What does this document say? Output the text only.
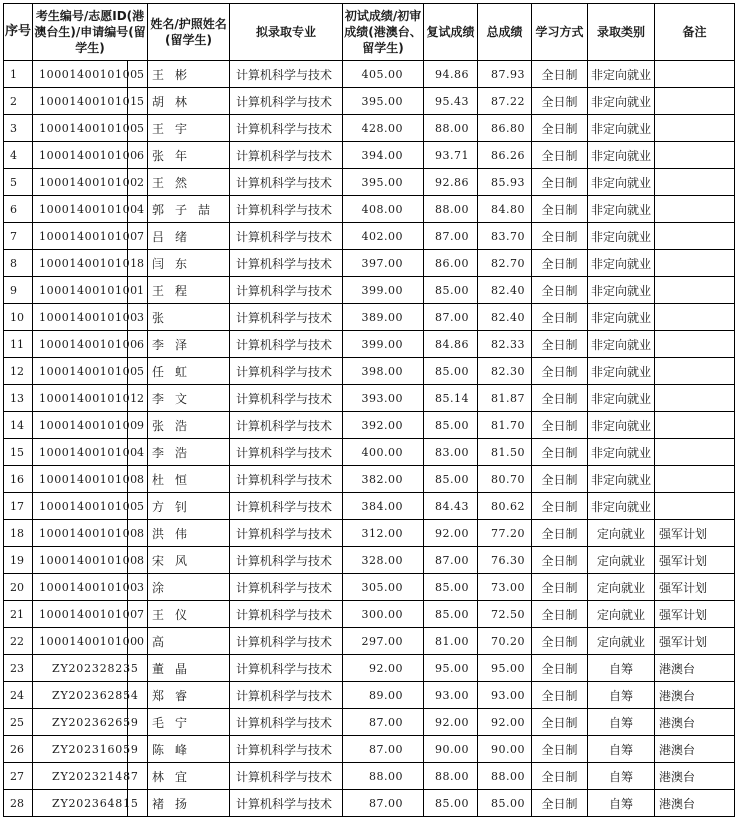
序号	考生编号/志愿ID(港澳台生)/申请编号(留学生)		姓名/护照姓名(留学生)	拟录取专业	初试成绩/初审成绩(港澳台、留学生)	复试成绩	总成绩	学习方式	录取类别	备注
1	1000140010100	5	王彬	计算机科学与技术	405.00	94.86	87.93	全日制	非定向就业	
2	1000140010101	5	胡林	计算机科学与技术	395.00	95.43	87.22	全日制	非定向就业	
3	1000140010100	5	王宇	计算机科学与技术	428.00	88.00	86.80	全日制	非定向就业	
4	1000140010100	6	张年	计算机科学与技术	394.00	93.71	86.26	全日制	非定向就业	
5	1000140010100	2	王然	计算机科学与技术	395.00	92.86	85.93	全日制	非定向就业	
6	1000140010100	4	郭子喆	计算机科学与技术	408.00	88.00	84.80	全日制	非定向就业	
7	1000140010100	7	吕绪	计算机科学与技术	402.00	87.00	83.70	全日制	非定向就业	
8	1000140010101	8	闫东	计算机科学与技术	397.00	86.00	82.70	全日制	非定向就业	
9	1000140010100	1	王程	计算机科学与技术	399.00	85.00	82.40	全日制	非定向就业	
10	1000140010100	3	张	计算机科学与技术	389.00	87.00	82.40	全日制	非定向就业	
11	1000140010100	6	李泽	计算机科学与技术	399.00	84.86	82.33	全日制	非定向就业	
12	1000140010100	5	任虹	计算机科学与技术	398.00	85.00	82.30	全日制	非定向就业	
13	1000140010101	2	李文	计算机科学与技术	393.00	85.14	81.87	全日制	非定向就业	
14	1000140010100	9	张浩	计算机科学与技术	392.00	85.00	81.70	全日制	非定向就业	
15	1000140010100	4	李浩	计算机科学与技术	400.00	83.00	81.50	全日制	非定向就业	
16	1000140010100	8	杜恒	计算机科学与技术	382.00	85.00	80.70	全日制	非定向就业	
17	1000140010100	5	方钊	计算机科学与技术	384.00	84.43	80.62	全日制	非定向就业	
18	1000140010100	8	洪伟	计算机科学与技术	312.00	92.00	77.20	全日制	定向就业	强军计划
19	1000140010100	8	宋风	计算机科学与技术	328.00	87.00	76.30	全日制	定向就业	强军计划
20	1000140010100	3	涂	计算机科学与技术	305.00	85.00	73.00	全日制	定向就业	强军计划
21	1000140010100	7	王仪	计算机科学与技术	300.00	85.00	72.50	全日制	定向就业	强军计划
22	1000140010100	0	高	计算机科学与技术	297.00	81.00	70.20	全日制	定向就业	强军计划
23	ZY202328235		董晶	计算机科学与技术	92.00	95.00	95.00	全日制	自筹	港澳台
24	ZY202362854		郑睿	计算机科学与技术	89.00	93.00	93.00	全日制	自筹	港澳台
25	ZY202362659		毛宁	计算机科学与技术	87.00	92.00	92.00	全日制	自筹	港澳台
26	ZY202316059		陈峰	计算机科学与技术	87.00	90.00	90.00	全日制	自筹	港澳台
27	ZY202321487		林宜	计算机科学与技术	88.00	88.00	88.00	全日制	自筹	港澳台
28	ZY202364815		褚扬	计算机科学与技术	87.00	85.00	85.00	全日制	自筹	港澳台
